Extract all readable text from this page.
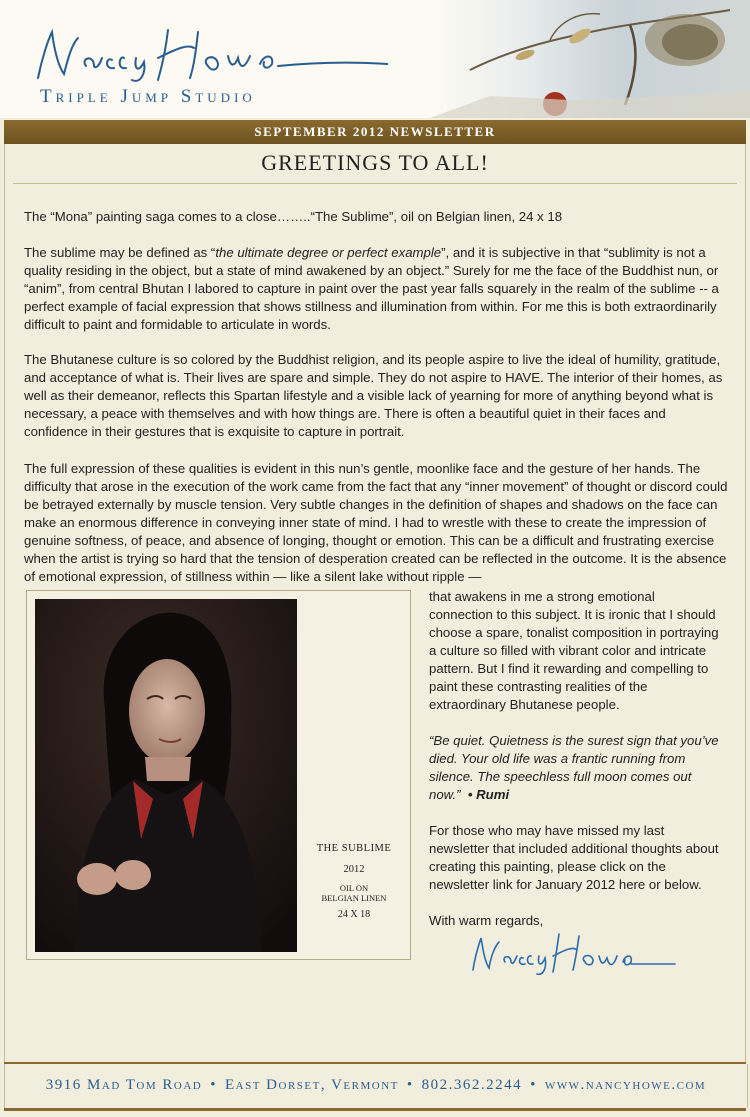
Triple Jump Studio
SEPTEMBER 2012 NEWSLETTER
GREETINGS TO ALL!

The “Mona” painting saga comes to a close……..“The Sublime”, oil on Belgian linen, 24 x 18

The sublime may be defined as “the ultimate degree or perfect example”, and it is subjective in that “sublimity is not a quality residing in the object, but a state of mind awakened by an object.” Surely for me the face of the Buddhist nun, or “anim”, from central Bhutan I labored to capture in paint over the past year falls squarely in the realm of the sublime -- a perfect example of facial expression that shows stillness and illumination from within. For me this is both extraordinarily difficult to paint and formidable to articulate in words.

The Bhutanese culture is so colored by the Buddhist religion, and its people aspire to live the ideal of humility, gratitude, and acceptance of what is. Their lives are spare and simple. They do not aspire to HAVE. The interior of their homes, as well as their demeanor, reflects this Spartan lifestyle and a visible lack of yearning for more of anything beyond what is necessary, a peace with themselves and with how things are. There is often a beautiful quiet in their faces and confidence in their gestures that is exquisite to capture in portrait.

The full expression of these qualities is evident in this nun’s gentle, moonlike face and the gesture of her hands. The difficulty that arose in the execution of the work came from the fact that any “inner movement” of thought or discord could be betrayed externally by muscle tension. Very subtle changes in the definition of shapes and shadows on the face can make an enormous difference in conveying inner state of mind. I had to wrestle with these to create the impression of genuine softness, of peace, and absence of longing, thought or emotion. This can be a difficult and frustrating exercise when the artist is trying so hard that the tension of desperation created can be reflected in the outcome. It is the absence of emotional expression, of stillness within — like a silent lake without ripple —

THE SUBLIME
2012
OIL ON
BELGIAN LINEN
24 X 18

that awakens in me a strong emotional connection to this subject. It is ironic that I should choose a spare, tonalist composition in portraying a culture so filled with vibrant color and intricate pattern. But I find it rewarding and compelling to paint these contrasting realities of the extraordinary Bhutanese people.

“Be quiet. Quietness is the surest sign that you’ve died. Your old life was a frantic running from silence. The speechless full moon comes out now.” • Rumi

For those who may have missed my last newsletter that included additional thoughts about creating this painting, please click on the newsletter link for January 2012 here or below.

With warm regards,

3916 Mad Tom Road • East Dorset, Vermont • 802.362.2244 • www.nancyhowe.com
